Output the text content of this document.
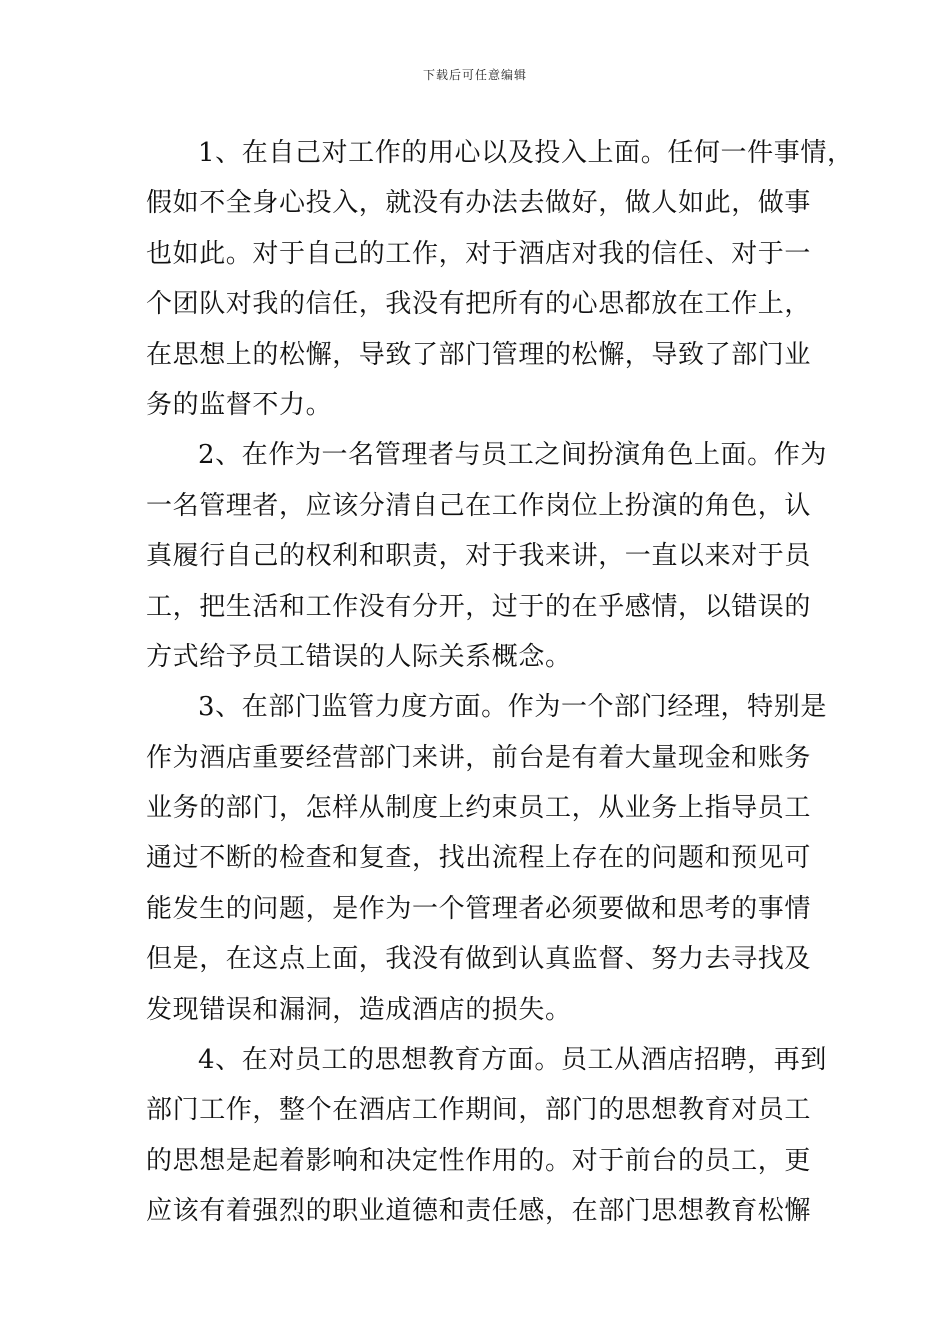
下载后可任意编辑
1、在自己对工作的用心以及投入上面。任何一件事情，
假如不全身心投入，就没有办法去做好，做人如此，做事
也如此。对于自己的工作，对于酒店对我的信任、对于一
个团队对我的信任，我没有把所有的心思都放在工作上，
在思想上的松懈，导致了部门管理的松懈，导致了部门业
务的监督不力。
2、在作为一名管理者与员工之间扮演角色上面。作为
一名管理者，应该分清自己在工作岗位上扮演的角色，认
真履行自己的权利和职责，对于我来讲，一直以来对于员
工，把生活和工作没有分开，过于的在乎感情，以错误的
方式给予员工错误的人际关系概念。
3、在部门监管力度方面。作为一个部门经理，特别是
作为酒店重要经营部门来讲，前台是有着大量现金和账务
业务的部门，怎样从制度上约束员工，从业务上指导员工
通过不断的检查和复查，找出流程上存在的问题和预见可
能发生的问题，是作为一个管理者必须要做和思考的事情
但是，在这点上面，我没有做到认真监督、努力去寻找及
发现错误和漏洞，造成酒店的损失。
4、在对员工的思想教育方面。员工从酒店招聘，再到
部门工作，整个在酒店工作期间，部门的思想教育对员工
的思想是起着影响和决定性作用的。对于前台的员工，更
应该有着强烈的职业道德和责任感，在部门思想教育松懈
